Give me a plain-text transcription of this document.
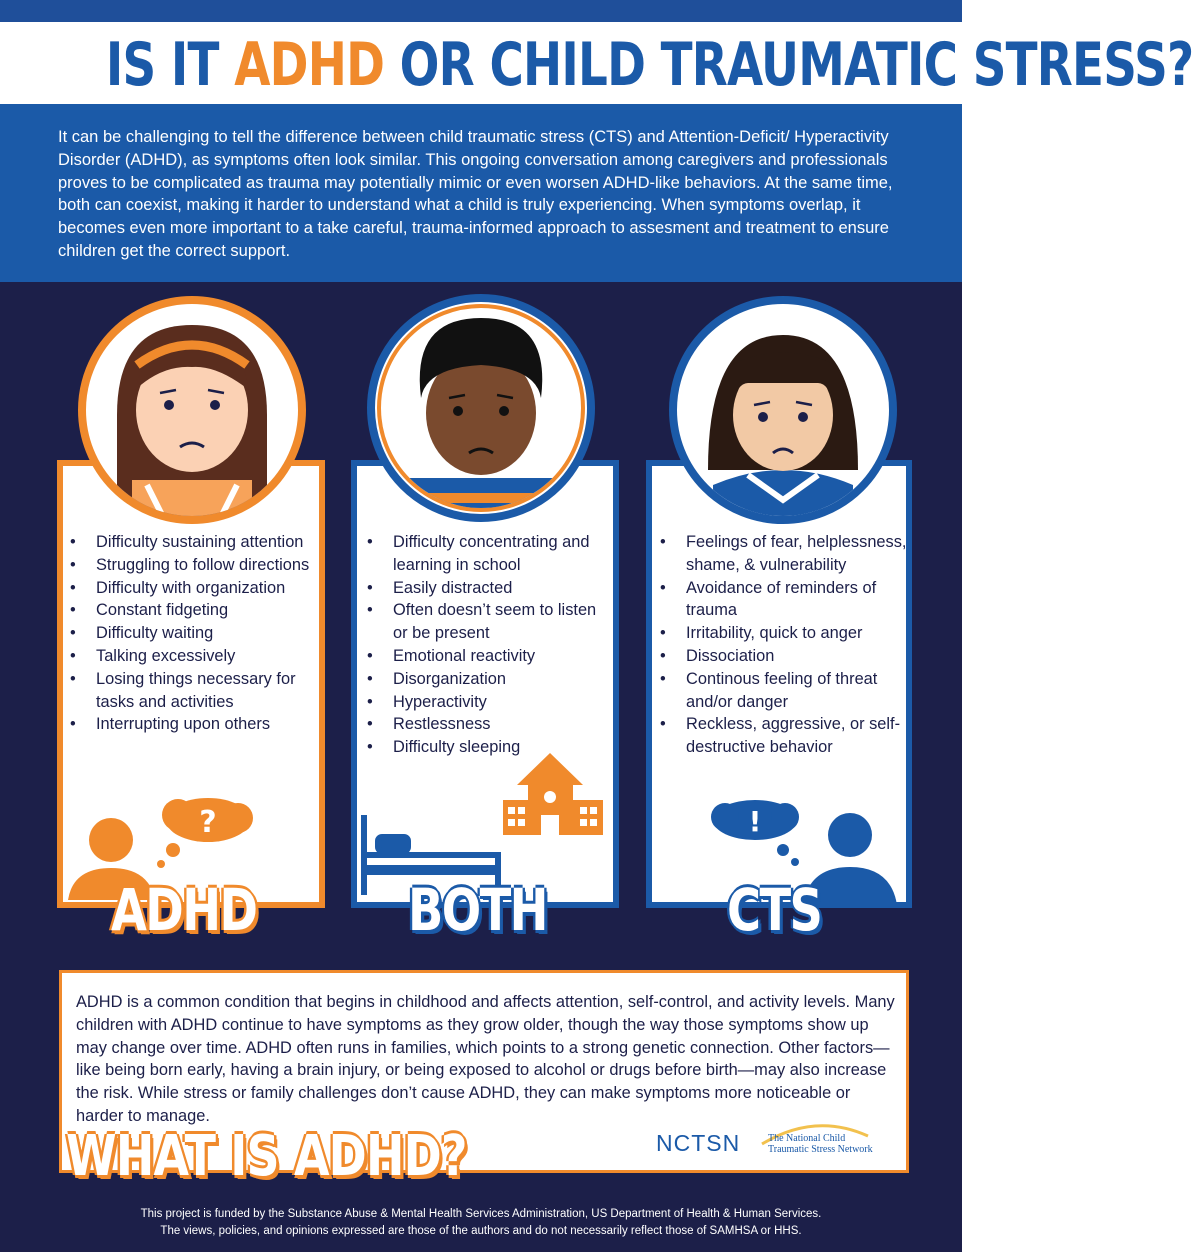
IS IT ADHD OR CHILD TRAUMATIC STRESS?

It can be challenging to tell the difference between child traumatic stress (CTS) and Attention-Deficit/ Hyperactivity Disorder (ADHD), as symptoms often look similar. This ongoing conversation among caregivers and professionals proves to be complicated as trauma may potentially mimic or even worsen ADHD-like behaviors. At the same time, both can coexist, making it harder to understand what a child is truly experiencing. When symptoms overlap, it becomes even more important to a take careful, trauma-informed approach to assesment and treatment to ensure children get the correct support.

• Difficulty sustaining attention
• Struggling to follow directions
• Difficulty with organization
• Constant fidgeting
• Difficulty waiting
• Talking excessively
• Losing things necessary for tasks and activities
• Interrupting upon others
• Difficulty concentrating and learning in school
• Easily distracted
• Often doesn’t seem to listen or be present
• Emotional reactivity
• Disorganization
• Hyperactivity
• Restlessness
• Difficulty sleeping
• Feelings of fear, helplessness, shame, & vulnerability
• Avoidance of reminders of trauma
• Irritability, quick to anger
• Dissociation
• Continous feeling of threat and/or danger
• Reckless, aggressive, or self-destructive behavior
?	!
ADHD	BOTH	CTS

ADHD is a common condition that begins in childhood and affects attention, self-control, and activity levels. Many children with ADHD continue to have symptoms as they grow older, though the way those symptoms show up may change over time. ADHD often runs in families, which points to a strong genetic connection. Other factors—like being born early, having a brain injury, or being exposed to alcohol or drugs before birth—may also increase the risk. While stress or family challenges don’t cause ADHD, they can make symptoms more noticeable or harder to manage.

WHAT IS ADHD?	NCTSN	The National Child
Traumatic Stress Network
This project is funded by the Substance Abuse & Mental Health Services Administration, US Department of Health & Human Services.
The views, policies, and opinions expressed are those of the authors and do not necessarily reflect those of SAMHSA or HHS.
